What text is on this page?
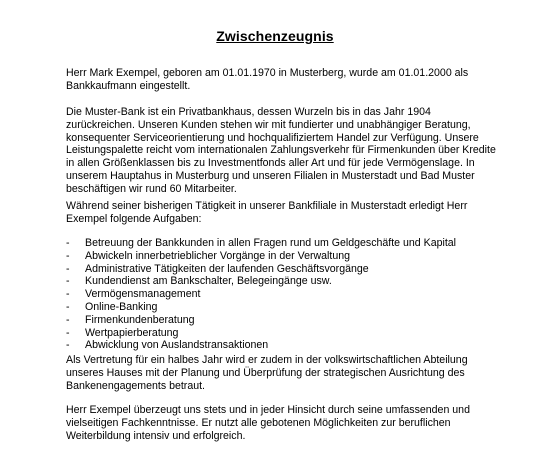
Zwischenzeugnis

Herr Mark Exempel, geboren am 01.01.1970 in Musterberg, wurde am 01.01.2000 als
Bankkaufmann eingestellt.

Die Muster-Bank ist ein Privatbankhaus, dessen Wurzeln bis in das Jahr 1904
zurückreichen. Unseren Kunden stehen wir mit fundierter und unabhängiger Beratung,
konsequenter Serviceorientierung und hochqualifiziertem Handel zur Verfügung. Unsere
Leistungspalette reicht vom internationalen Zahlungsverkehr für Firmenkunden über Kredite
in allen Größenklassen bis zu Investmentfonds aller Art und für jede Vermögenslage. In
unserem Hauptahus in Musterburg und unseren Filialen in Musterstadt und Bad Muster
beschäftigen wir rund 60 Mitarbeiter.

Während seiner bisherigen Tätigkeit in unserer Bankfiliale in Musterstadt erledigt Herr
Exempel folgende Aufgaben:

- Betreuung der Bankkunden in allen Fragen rund um Geldgeschäfte und Kapital
- Abwickeln innerbetrieblicher Vorgänge in der Verwaltung
- Administrative Tätigkeiten der laufenden Geschäftsvorgänge
- Kundendienst am Bankschalter, Belegeingänge usw.
- Vermögensmanagement
- Online-Banking
- Firmenkundenberatung
- Wertpapierberatung
- Abwicklung von Auslandstransaktionen

Als Vertretung für ein halbes Jahr wird er zudem in der volkswirtschaftlichen Abteilung
unseres Hauses mit der Planung und Überprüfung der strategischen Ausrichtung des
Bankenengagements betraut.

Herr Exempel überzeugt uns stets und in jeder Hinsicht durch seine umfassenden und
vielseitigen Fachkenntnisse. Er nutzt alle gebotenen Möglichkeiten zur beruflichen
Weiterbildung intensiv und erfolgreich.
